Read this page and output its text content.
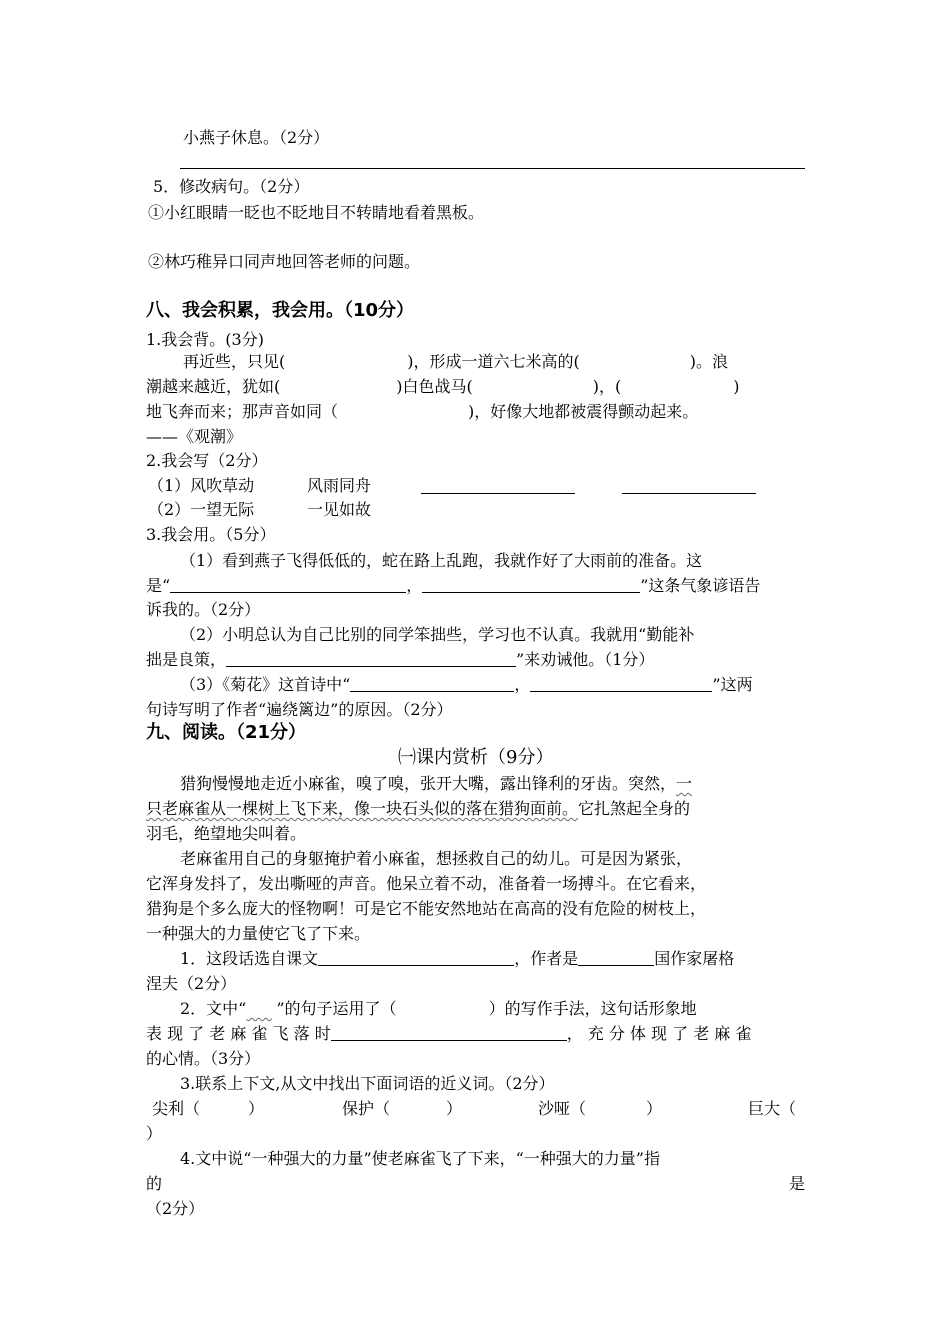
小燕子休息。（2分）
5．修改病句。（2分）
①小红眼睛一眨也不眨地目不转睛地看着黑板。
②林巧稚异口同声地回答老师的问题。
八、我会积累，我会用。（10分）
1.我会背。(3分)
再近些，只见(	)，形成一道六七米高的(	)。浪
潮越来越近，犹如(	)白色战马(	)，(	)
地飞奔而来；那声音如同（	)，好像大地都被震得颤动起来。
——《观潮》
2.我会写（2分）
（1）风吹草动	风雨同舟
（2）一望无际	一见如故
3.我会用。（5分）
（1）看到燕子飞得低低的，蛇在路上乱跑，我就作好了大雨前的准备。这
是“	，	”这条气象谚语告
诉我的。（2分）
（2）小明总认为自己比别的同学笨拙些，学习也不认真。我就用“勤能补
拙是良策，	”来劝诫他。（1分）
（3）《菊花》这首诗中“	，	”这两
句诗写明了作者“遍绕篱边”的原因。（2分）
九、阅读。（21分）
㈠课内赏析（9分）
猎狗慢慢地走近小麻雀，嗅了嗅，张开大嘴，露出锋利的牙齿。突然，一
只老麻雀从一棵树上飞下来，像一块石头似的落在猎狗面前。它扎煞起全身的
羽毛，绝望地尖叫着。
老麻雀用自己的身躯掩护着小麻雀，想拯救自己的幼儿。可是因为紧张，
它浑身发抖了，发出嘶哑的声音。他呆立着不动，准备着一场搏斗。在它看来，
猎狗是个多么庞大的怪物啊！可是它不能安然地站在高高的没有危险的树枝上，
一种强大的力量使它飞了下来。
1．这段话选自课文	，作者是	国作家屠格
涅夫（2分）
2．文中“​     ”的句子运用了（	）的写作手法，这句话形象地
表 现 了 老 麻 雀 飞 落 时	， 充 分 体 现 了 老 麻 雀
的心情。（3分）
3.联系上下文,从文中找出下面词语的近义词。（2分）
尖利（	）	保护（	）	沙哑（	）	巨大（
）
4.文中说“一种强大的力量”使老麻雀飞了下来，“一种强大的力量”指
的	是
（2分）
